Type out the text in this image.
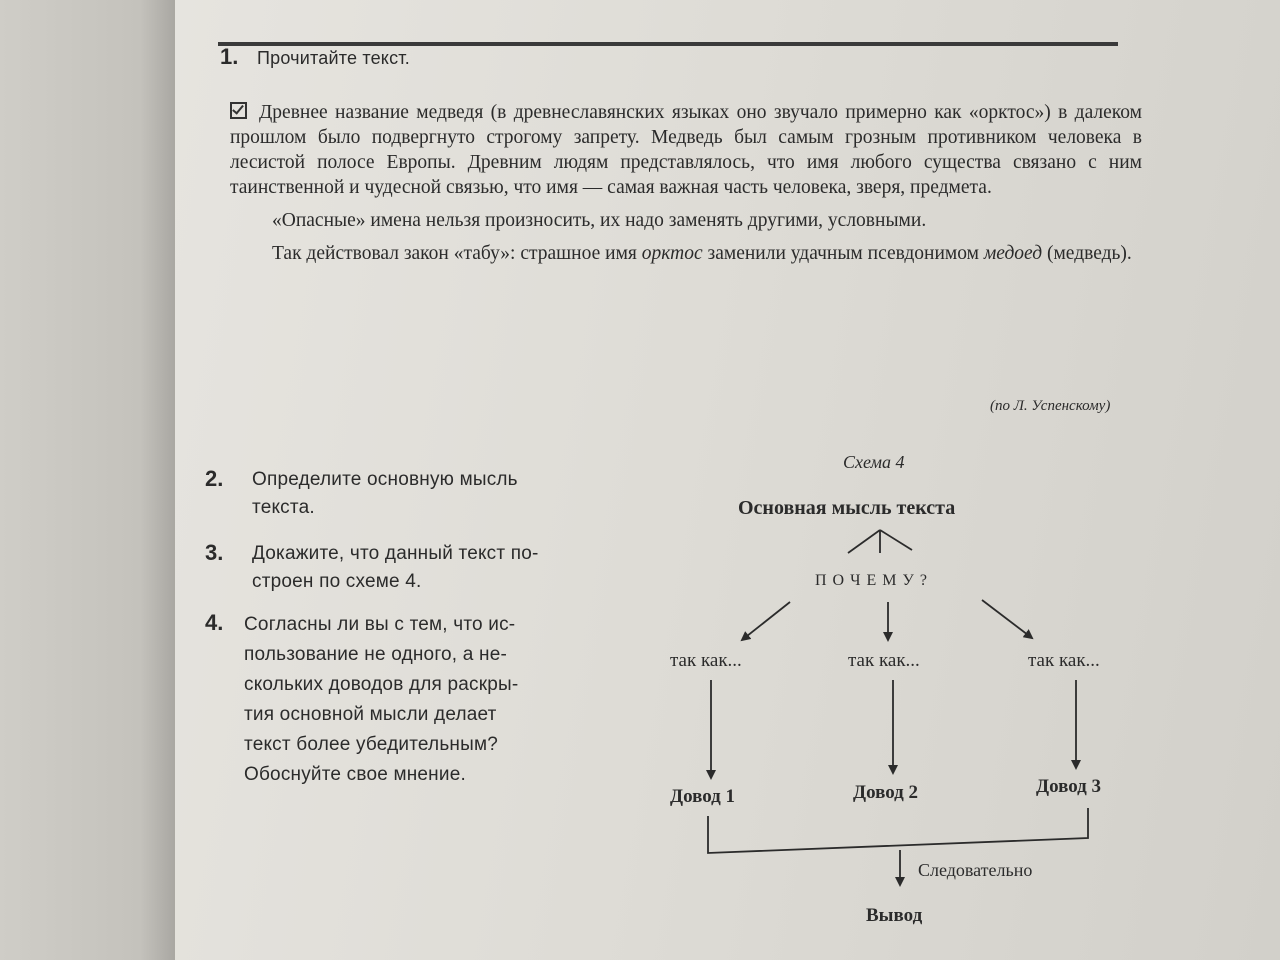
1. Прочитайте текст.

Древнее название медведя (в древнеславянских языках оно звучало примерно как «орктос») в далеком прошлом было подвергнуто строгому запрету. Медведь был самым грозным противником человека в лесистой полосе Европы. Древним людям представлялось, что имя любого существа связано с ним таинственной и чудесной связью, что имя — самая важная часть человека, зверя, предмета.

«Опасные» имена нельзя произносить, их надо заменять другими, условными.

Так действовал закон «табу»: страшное имя орктос заменили удачным псевдонимом медоед (медведь).

(по Л. Успенскому)
2. Определите основную мысль
текста.
3. Докажите, что данный текст по-
строен по схеме 4.
4. Согласны ли вы с тем, что ис-
пользование не одного, а не-
скольких доводов для раскры-
тия основной мысли делает
текст более убедительным?
Обоснуйте свое мнение.
Схема 4
Основная мысль текста
П О Ч Е М У ?
так как...	так как...	так как...
Довод 1	Довод 2	Довод 3
Следовательно
Вывод
